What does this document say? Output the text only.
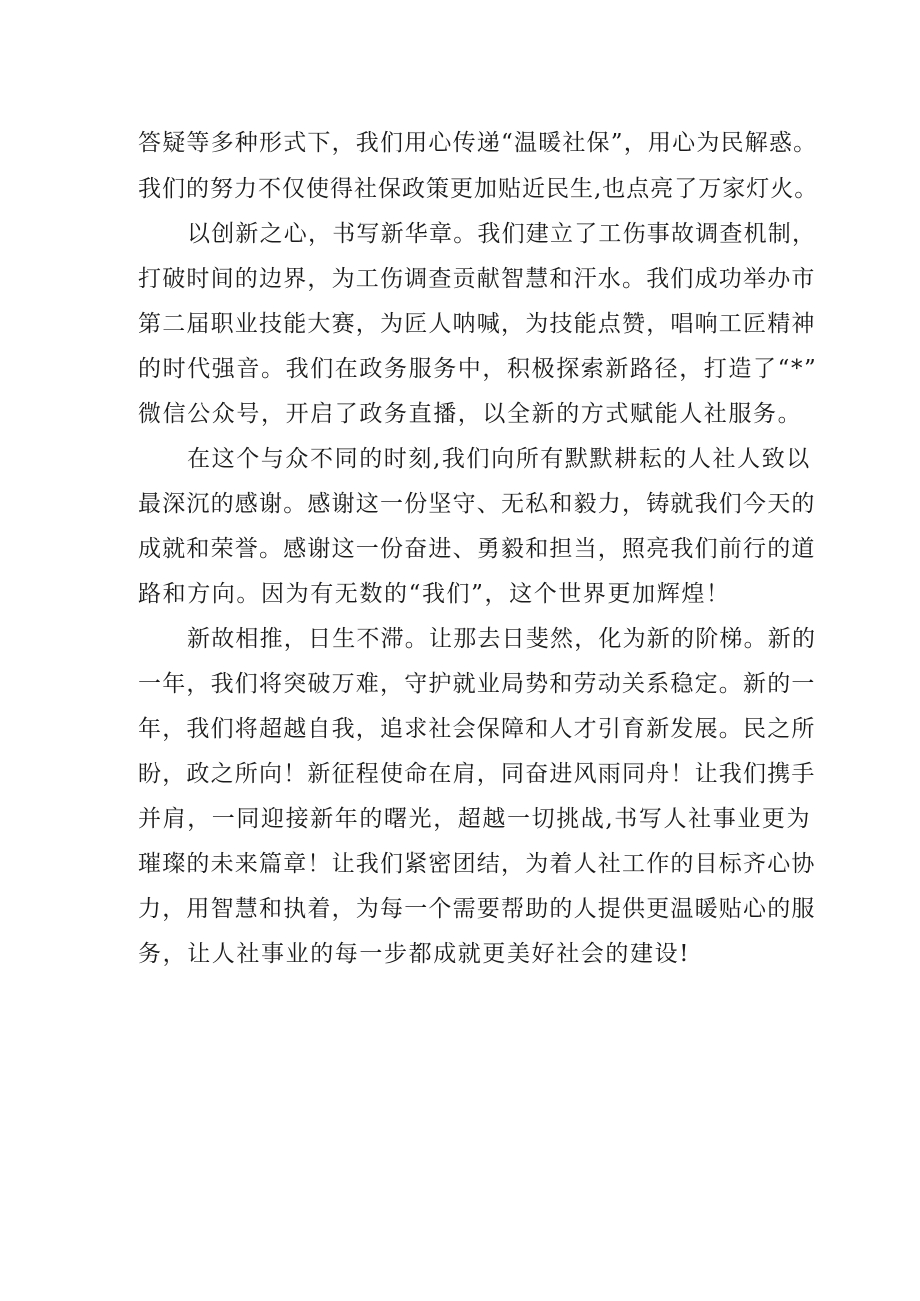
答疑等多种形式下，我们用心传递“温暖社保”，用心为民解惑。
我们的努力不仅使得社保政策更加贴近民生,也点亮了万家灯火。
以创新之心，书写新华章。我们建立了工伤事故调查机制，
打破时间的边界，为工伤调查贡献智慧和汗水。我们成功举办市
第二届职业技能大赛，为匠人呐喊，为技能点赞，唱响工匠精神
的时代强音。我们在政务服务中，积极探索新路径，打造了“*”
微信公众号，开启了政务直播，以全新的方式赋能人社服务。
在这个与众不同的时刻,我们向所有默默耕耘的人社人致以
最深沉的感谢。感谢这一份坚守、无私和毅力，铸就我们今天的
成就和荣誉。感谢这一份奋进、勇毅和担当，照亮我们前行的道
路和方向。因为有无数的“我们”，这个世界更加辉煌！
新故相推，日生不滞。让那去日斐然，化为新的阶梯。新的
一年，我们将突破万难，守护就业局势和劳动关系稳定。新的一
年，我们将超越自我，追求社会保障和人才引育新发展。民之所
盼，政之所向！新征程使命在肩，同奋进风雨同舟！让我们携手
并肩，一同迎接新年的曙光，超越一切挑战,书写人社事业更为
璀璨的未来篇章！让我们紧密团结，为着人社工作的目标齐心协
力，用智慧和执着，为每一个需要帮助的人提供更温暖贴心的服
务，让人社事业的每一步都成就更美好社会的建设!
